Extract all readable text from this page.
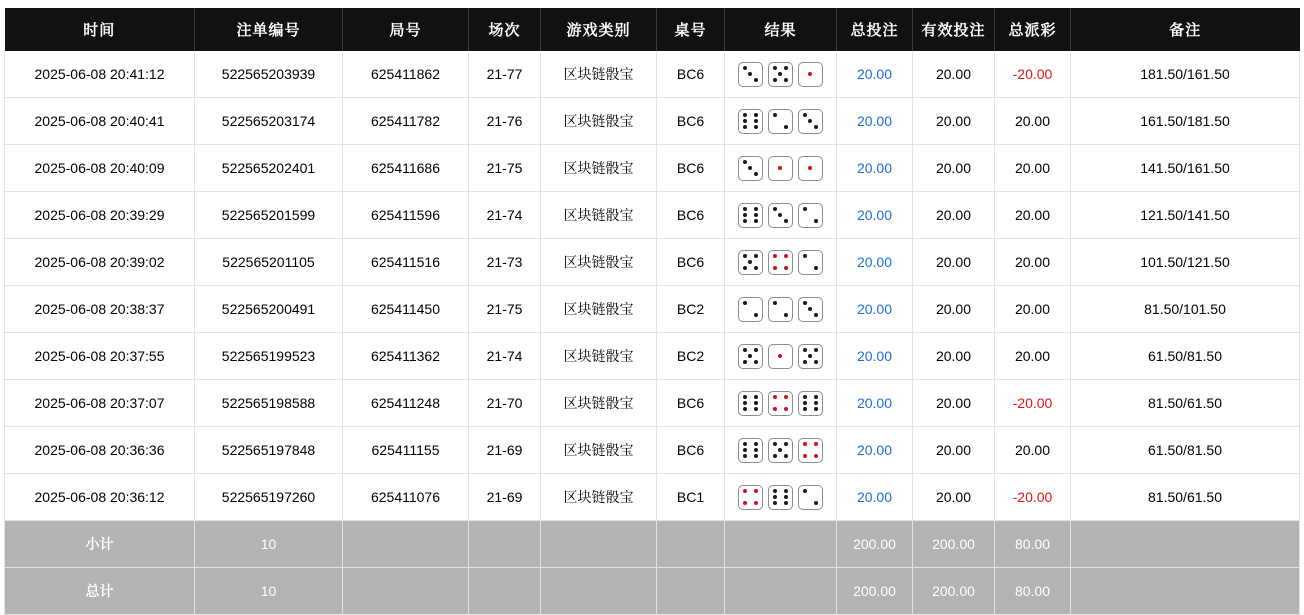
时间	注单编号	局号	场次	游戏类别	桌号	结果	总投注	有效投注	总派彩	备注
2025-06-08 20:41:12	522565203939	625411862	21-77	区块链骰宝	BC6		20.00	20.00	-20.00	181.50/161.50
2025-06-08 20:40:41	522565203174	625411782	21-76	区块链骰宝	BC6		20.00	20.00	20.00	161.50/181.50
2025-06-08 20:40:09	522565202401	625411686	21-75	区块链骰宝	BC6		20.00	20.00	20.00	141.50/161.50
2025-06-08 20:39:29	522565201599	625411596	21-74	区块链骰宝	BC6		20.00	20.00	20.00	121.50/141.50
2025-06-08 20:39:02	522565201105	625411516	21-73	区块链骰宝	BC6		20.00	20.00	20.00	101.50/121.50
2025-06-08 20:38:37	522565200491	625411450	21-75	区块链骰宝	BC2		20.00	20.00	20.00	81.50/101.50
2025-06-08 20:37:55	522565199523	625411362	21-74	区块链骰宝	BC2		20.00	20.00	20.00	61.50/81.50
2025-06-08 20:37:07	522565198588	625411248	21-70	区块链骰宝	BC6		20.00	20.00	-20.00	81.50/61.50
2025-06-08 20:36:36	522565197848	625411155	21-69	区块链骰宝	BC6		20.00	20.00	20.00	61.50/81.50
2025-06-08 20:36:12	522565197260	625411076	21-69	区块链骰宝	BC1		20.00	20.00	-20.00	81.50/61.50
小计	10						200.00	200.00	80.00	
总计	10						200.00	200.00	80.00	
